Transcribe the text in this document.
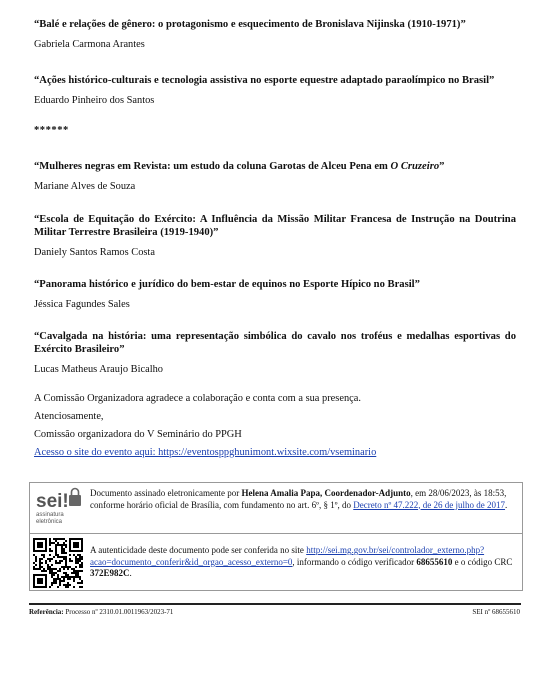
“Balé e relações de gênero: o protagonismo e esquecimento de Bronislava Nijinska (1910-1971)”
Gabriela Carmona Arantes
“Ações histórico-culturais e tecnologia assistiva no esporte equestre adaptado paraolímpico no Brasil”
Eduardo Pinheiro dos Santos
******
“Mulheres negras em Revista: um estudo da coluna Garotas de Alceu Pena em O Cruzeiro”
Mariane Alves de Souza
“Escola de Equitação do Exército: A Influência da Missão Militar Francesa de Instrução na Doutrina Militar Terrestre Brasileira (1919-1940)”
Daniely Santos Ramos Costa
“Panorama histórico e jurídico do bem-estar de equinos no Esporte Hípico no Brasil”
Jéssica Fagundes Sales
“Cavalgada na história: uma representação simbólica do cavalo nos troféus e medalhas esportivas do Exército Brasileiro”
Lucas Matheus Araujo Bicalho
A Comissão Organizadora agradece a colaboração e conta com a sua presença.
Atenciosamente,
Comissão organizadora do V Seminário do PPGH
Acesso o site do evento aqui: https://eventosppghunimont.wixsite.com/vseminario
sei!
assinatura
eletrônica
Documento assinado eletronicamente por Helena Amalia Papa, Coordenador-Adjunto, em 28/06/2023, às 18:53, conforme horário oficial de Brasília, com fundamento no art. 6º, § 1º, do Decreto nº 47.222, de 26 de julho de 2017.
A autenticidade deste documento pode ser conferida no site http://sei.mg.gov.br/sei/controlador_externo.php?acao=documento_conferir&id_orgao_acesso_externo=0, informando o código verificador 68655610 e o código CRC 372E982C.
Referência: Processo nº 2310.01.0011963/2023-71	SEI nº 68655610
